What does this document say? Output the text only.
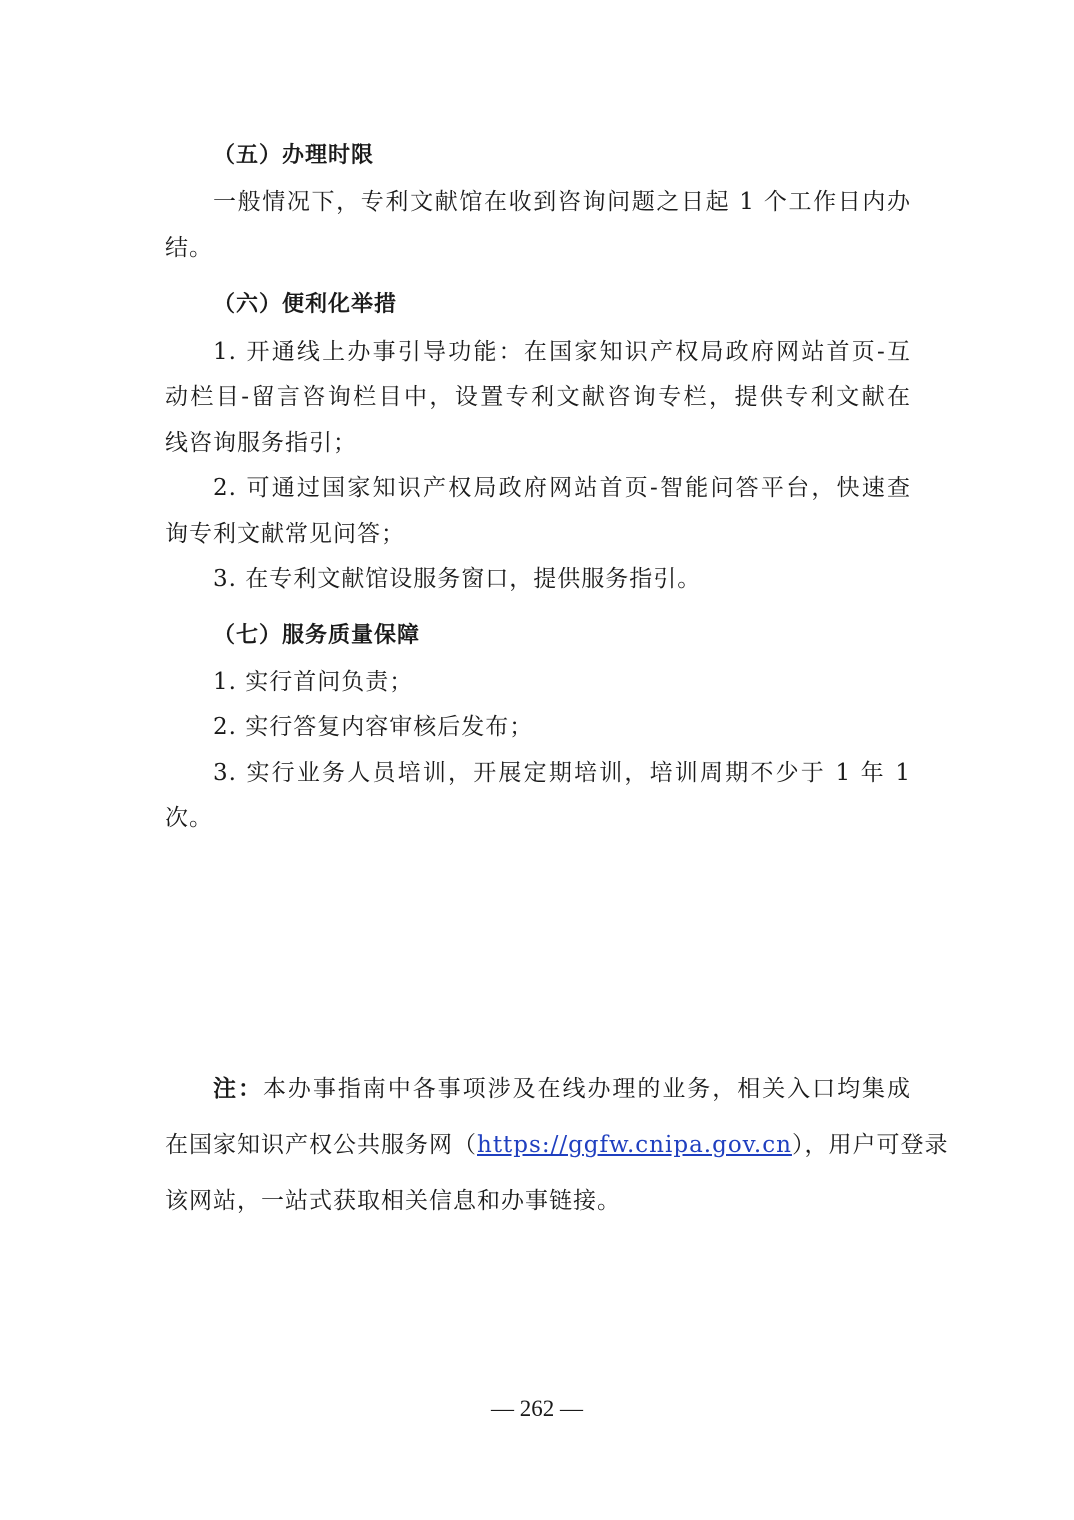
（五）办理时限
一般情况下，专利文献馆在收到咨询问题之日起 1 个工作日内办
结。
（六）便利化举措
1. 开通线上办事引导功能：在国家知识产权局政府网站首页-互
动栏目-留言咨询栏目中，设置专利文献咨询专栏，提供专利文献在
线咨询服务指引；
2. 可通过国家知识产权局政府网站首页-智能问答平台，快速查
询专利文献常见问答；
3. 在专利文献馆设服务窗口，提供服务指引。
（七）服务质量保障
1. 实行首问负责；
2. 实行答复内容审核后发布；
3. 实行业务人员培训，开展定期培训，培训周期不少于 1 年 1
次。
注：本办事指南中各事项涉及在线办理的业务，相关入口均集成
在国家知识产权公共服务网（https://ggfw.cnipa.gov.cn），用户可登录
该网站，一站式获取相关信息和办事链接。
— 262 —
